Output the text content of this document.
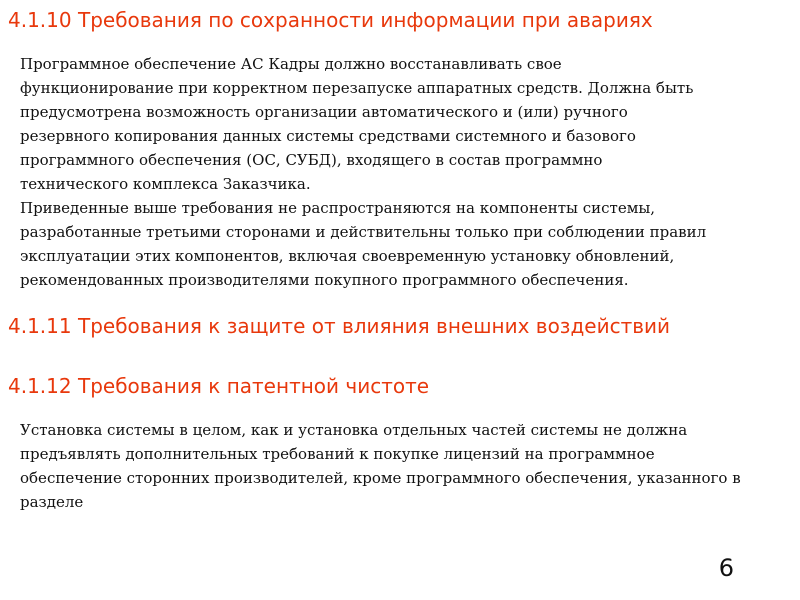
4.1.10 Требования по сохранности информации при авариях
Программное обеспечение АС Кадры должно восстанавливать свое
функционирование при корректном перезапуске аппаратных средств. Должна быть
предусмотрена возможность организации автоматического и (или) ручного
резервного копирования данных системы средствами системного и базового
программного обеспечения (ОС, СУБД), входящего в состав программно
технического комплекса Заказчика.
Приведенные выше требования не распространяются на компоненты системы,
разработанные третьими сторонами и действительны только при соблюдении правил
эксплуатации этих компонентов, включая своевременную установку обновлений,
рекомендованных производителями покупного программного обеспечения.
4.1.11 Требования к защите от влияния внешних воздействий
4.1.12 Требования к патентной чистоте
Установка системы в целом, как и установка отдельных частей системы не должна
предъявлять дополнительных требований к покупке лицензий на программное
обеспечение сторонних производителей, кроме программного обеспечения, указанного в
разделе
6
